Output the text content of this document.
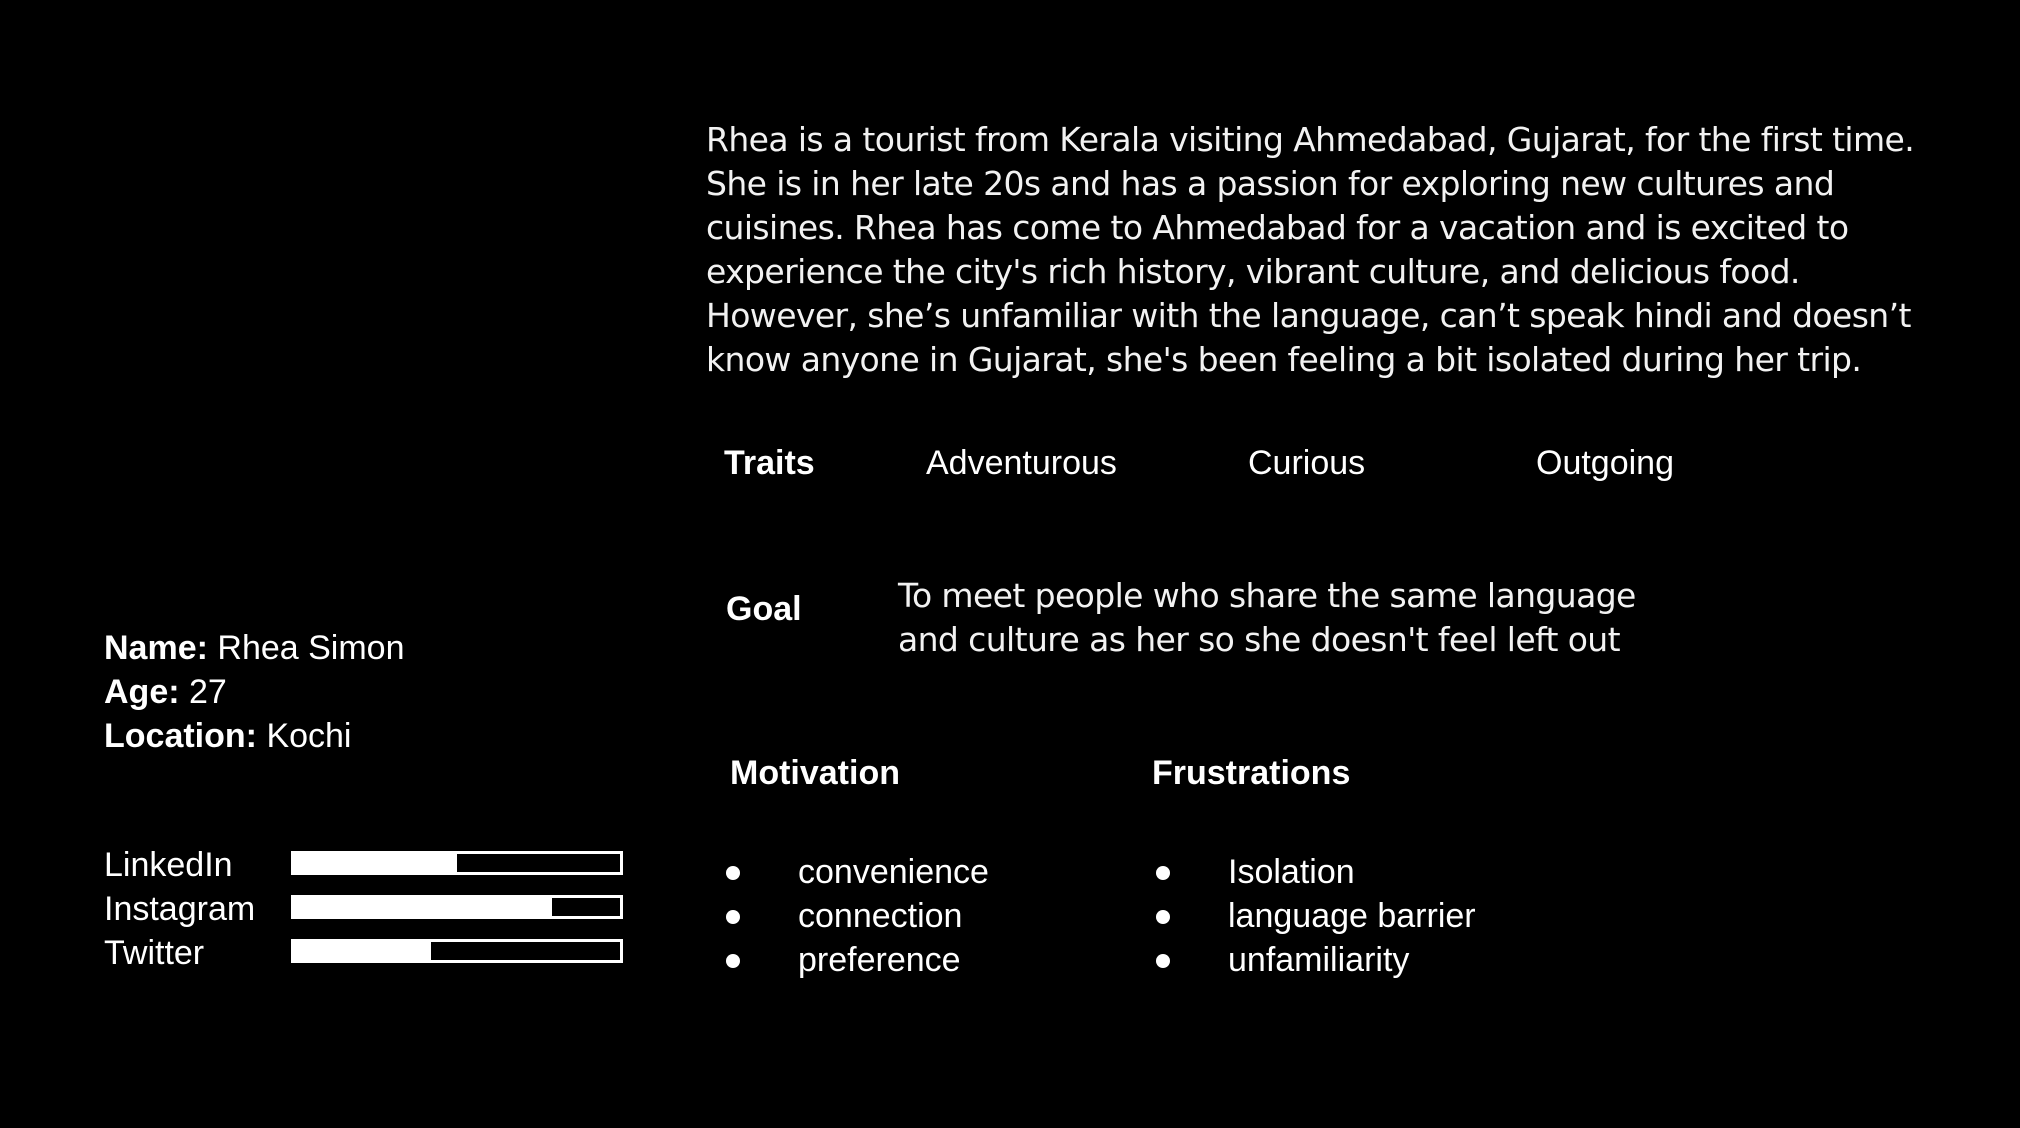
Rhea is a tourist from Kerala visiting Ahmedabad, Gujarat, for the first time.
She is in her late 20s and has a passion for exploring new cultures and
cuisines. Rhea has come to Ahmedabad for a vacation and is excited to
experience the city's rich history, vibrant culture, and delicious food.
However, she’s unfamiliar with the language, can’t speak hindi and doesn’t
know anyone in Gujarat, she's been feeling a bit isolated during her trip.
Traits	Adventurous	Curious	Outgoing
Goal	To meet people who share the same language
and culture as her so she doesn't feel left out
Motivation
convenience
connection
preference
Frustrations
Isolation
language barrier
unfamiliarity
Name: Rhea Simon
Age: 27
Location: Kochi
LinkedIn
Instagram
Twitter
